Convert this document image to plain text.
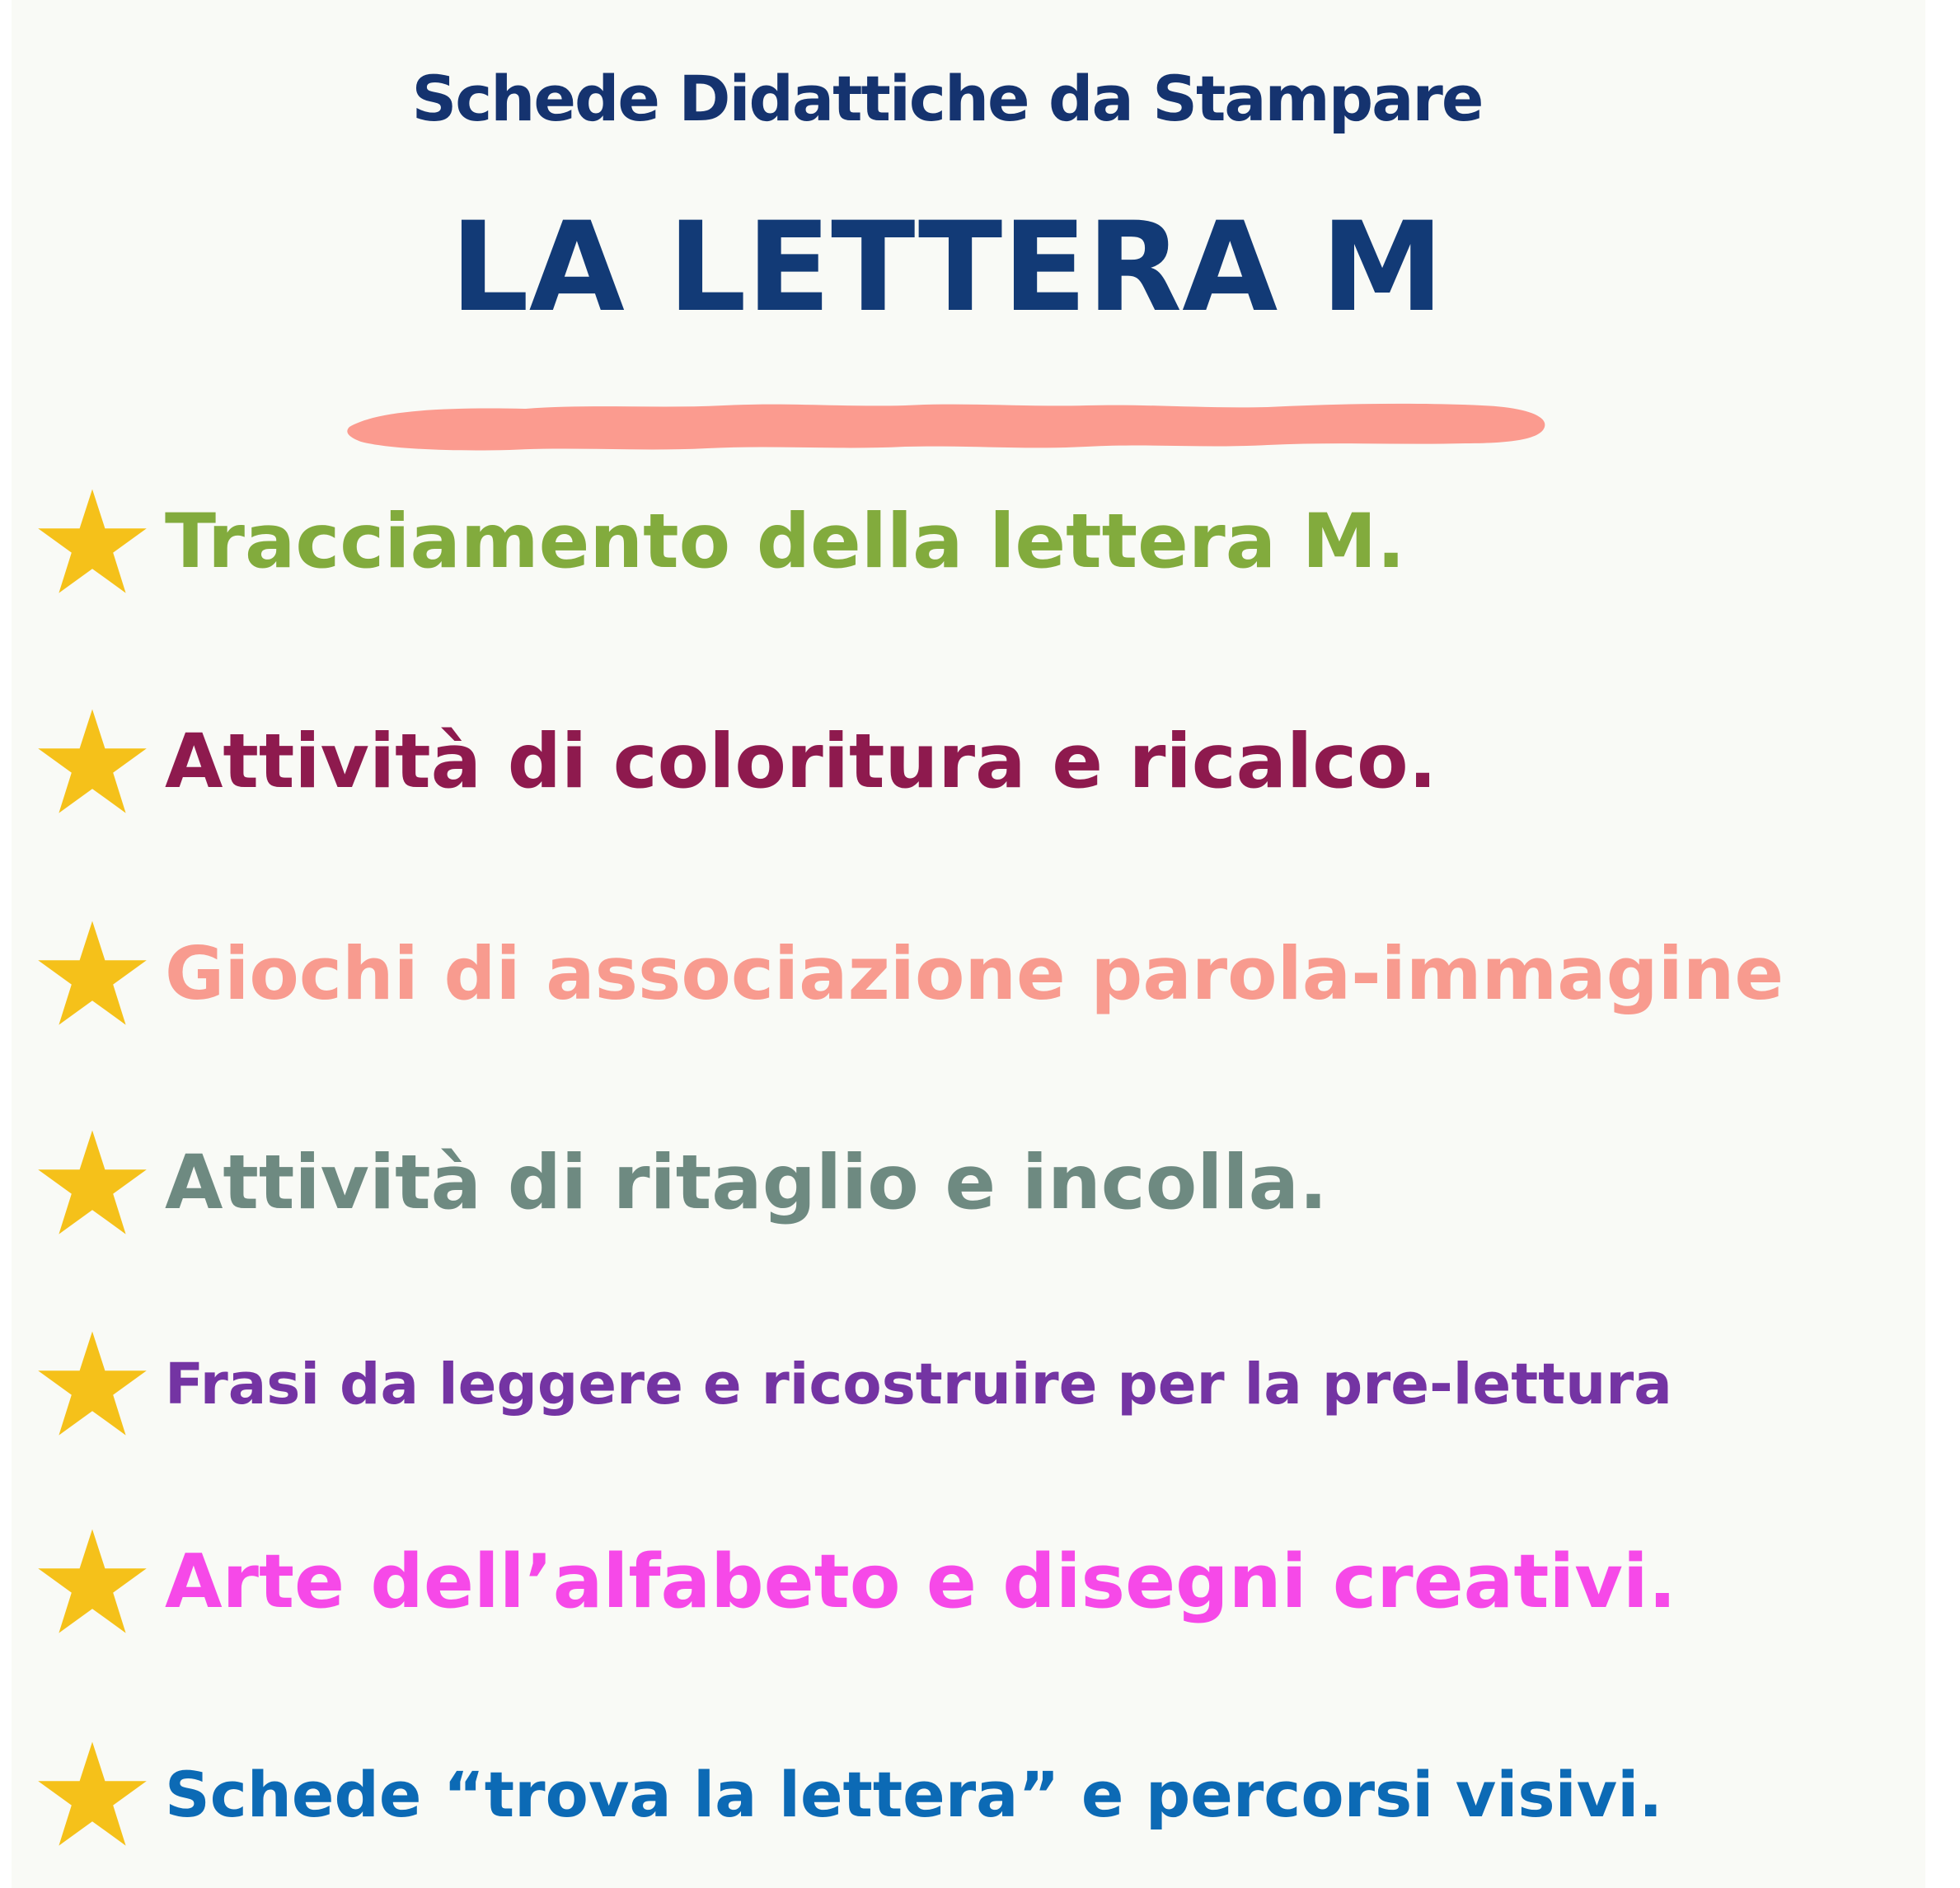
Schede Didattiche da Stampare
LA LETTERA M
Tracciamento della lettera M.
Attività di coloritura e ricalco.
Giochi di associazione parola-immagine
Attività di ritaglio e incolla.
Frasi da leggere e ricostruire per la pre-lettura
Arte dell’alfabeto e disegni creativi.
Schede “trova la lettera” e percorsi visivi.
